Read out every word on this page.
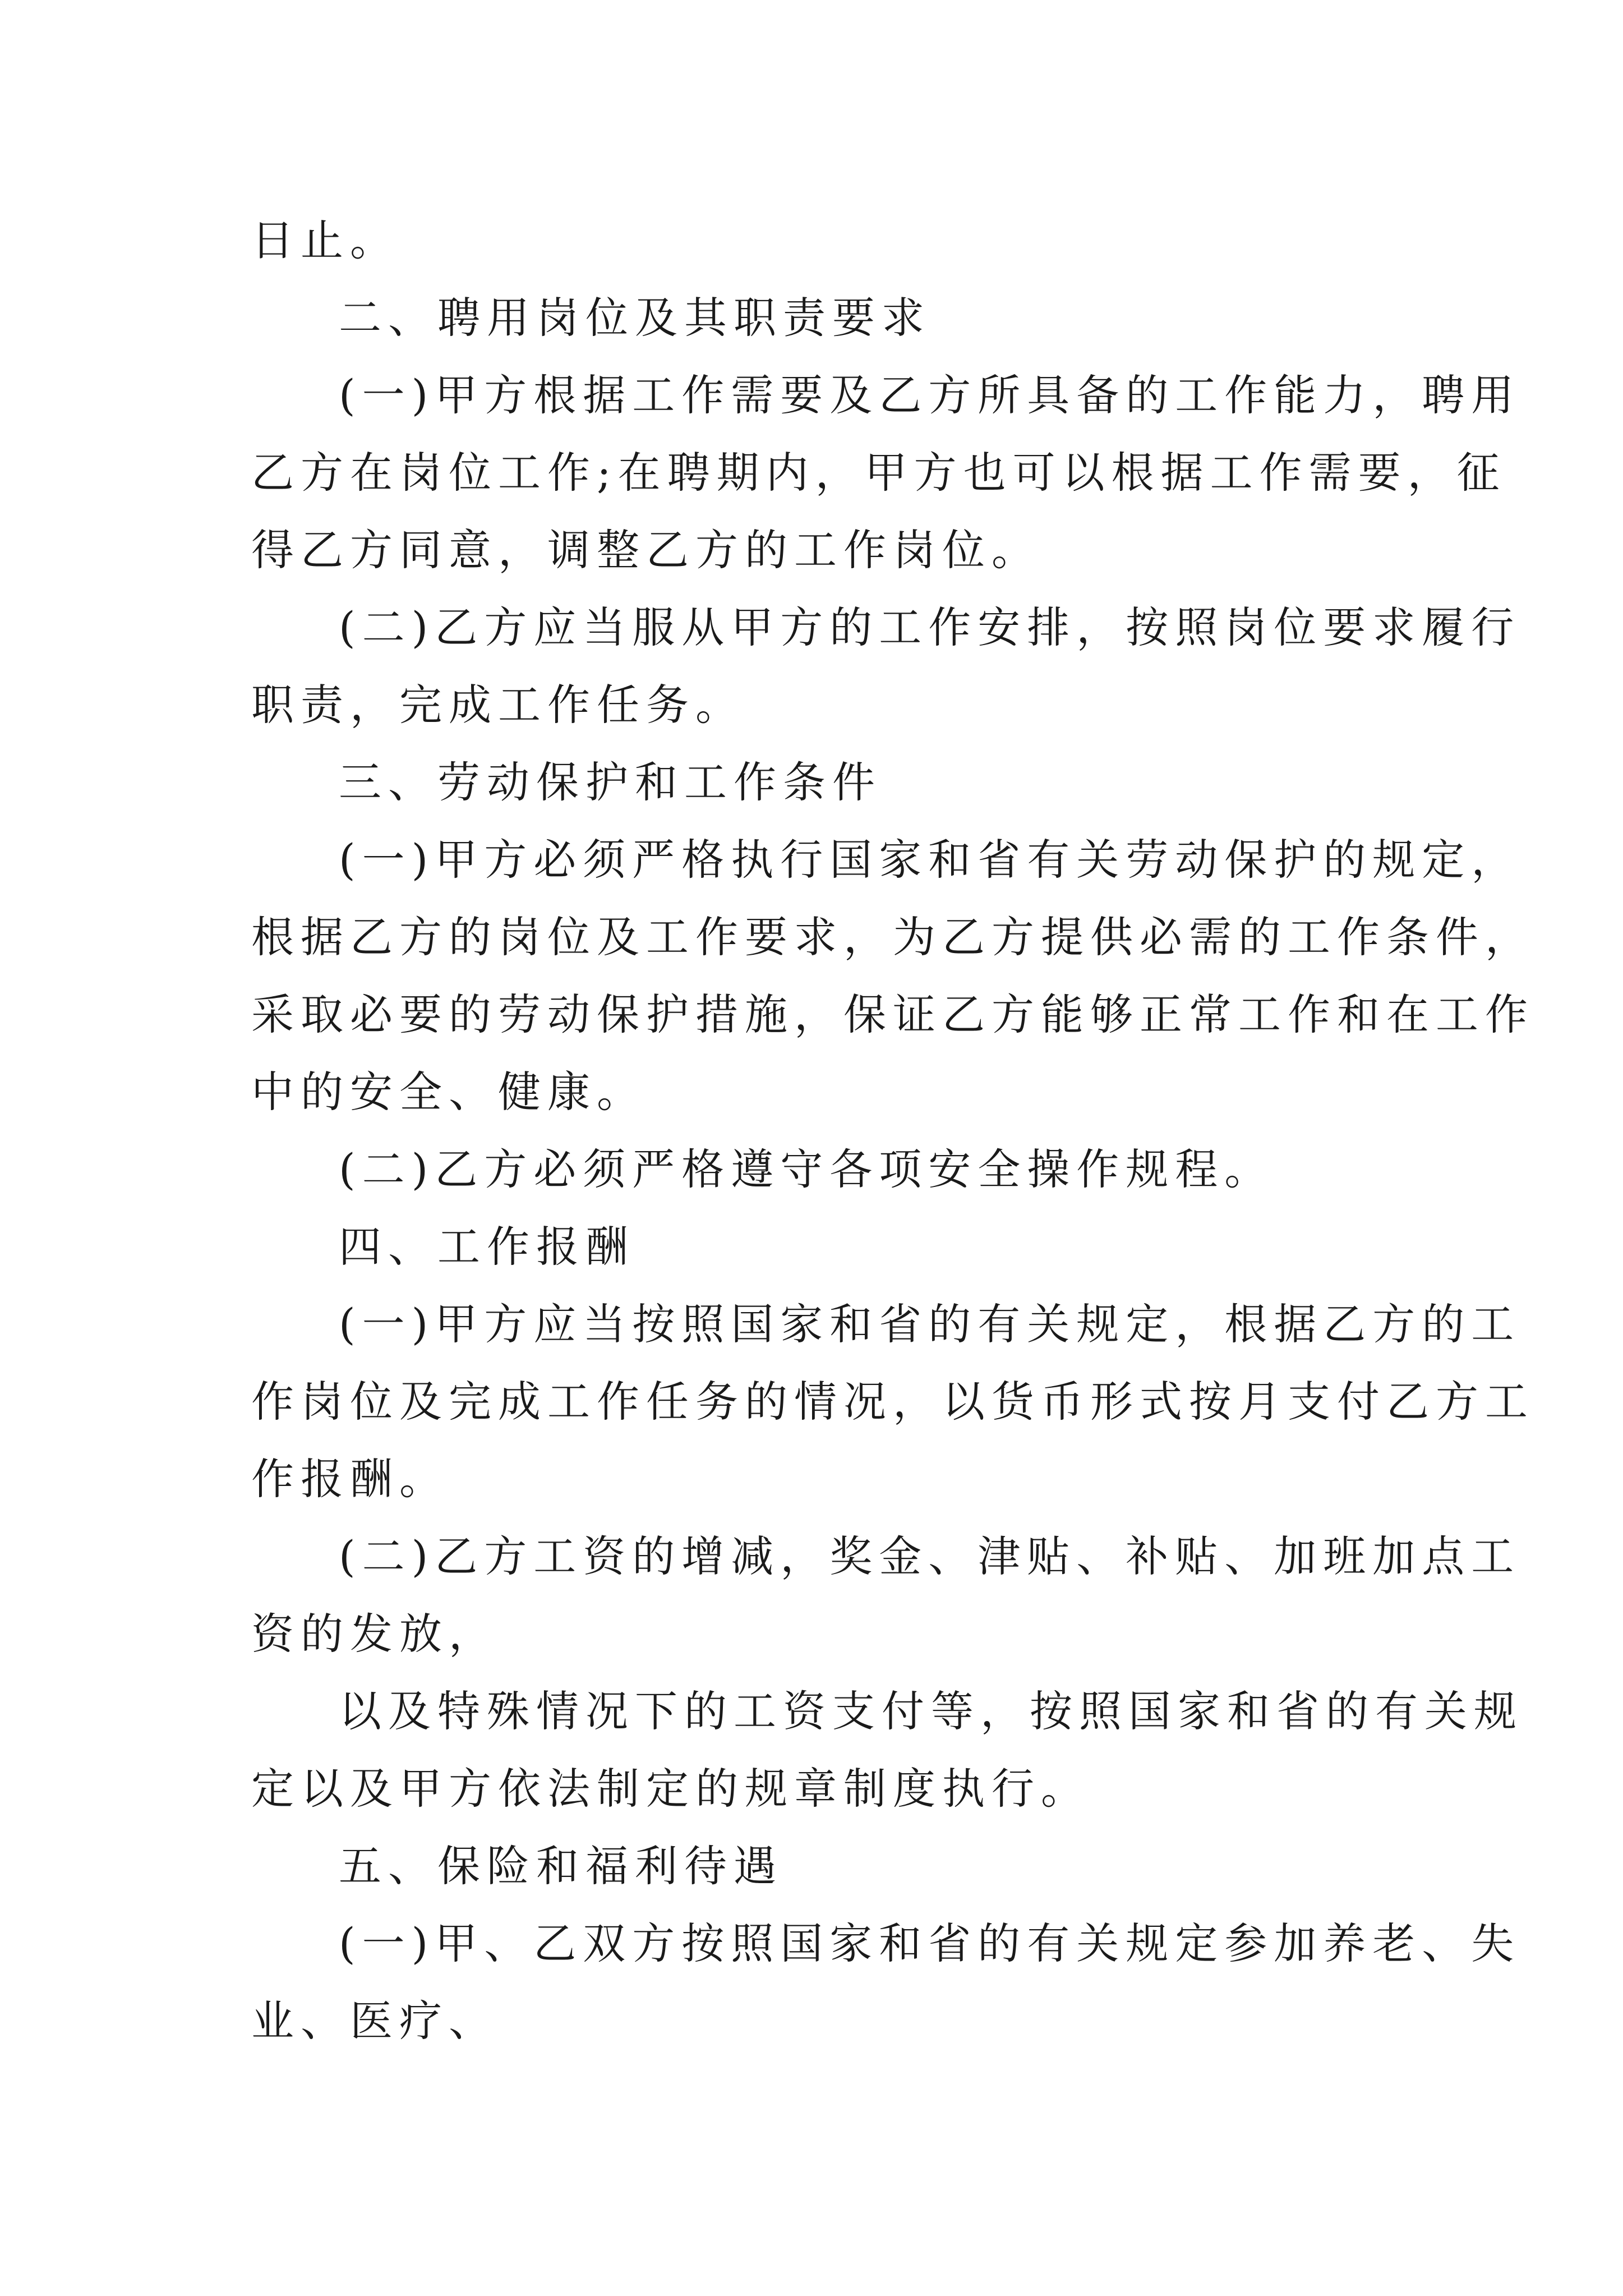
日止。
二、聘用岗位及其职责要求
(一)甲方根据工作需要及乙方所具备的工作能力，聘用
乙方在岗位工作;在聘期内，甲方也可以根据工作需要，征
得乙方同意，调整乙方的工作岗位。
(二)乙方应当服从甲方的工作安排，按照岗位要求履行
职责，完成工作任务。
三、劳动保护和工作条件
(一)甲方必须严格执行国家和省有关劳动保护的规定，
根据乙方的岗位及工作要求，为乙方提供必需的工作条件，
采取必要的劳动保护措施，保证乙方能够正常工作和在工作
中的安全、健康。
(二)乙方必须严格遵守各项安全操作规程。
四、工作报酬
(一)甲方应当按照国家和省的有关规定，根据乙方的工
作岗位及完成工作任务的情况，以货币形式按月支付乙方工
作报酬。
(二)乙方工资的增减，奖金、津贴、补贴、加班加点工
资的发放，
以及特殊情况下的工资支付等，按照国家和省的有关规
定以及甲方依法制定的规章制度执行。
五、保险和福利待遇
(一)甲、乙双方按照国家和省的有关规定参加养老、失
业、医疗、
